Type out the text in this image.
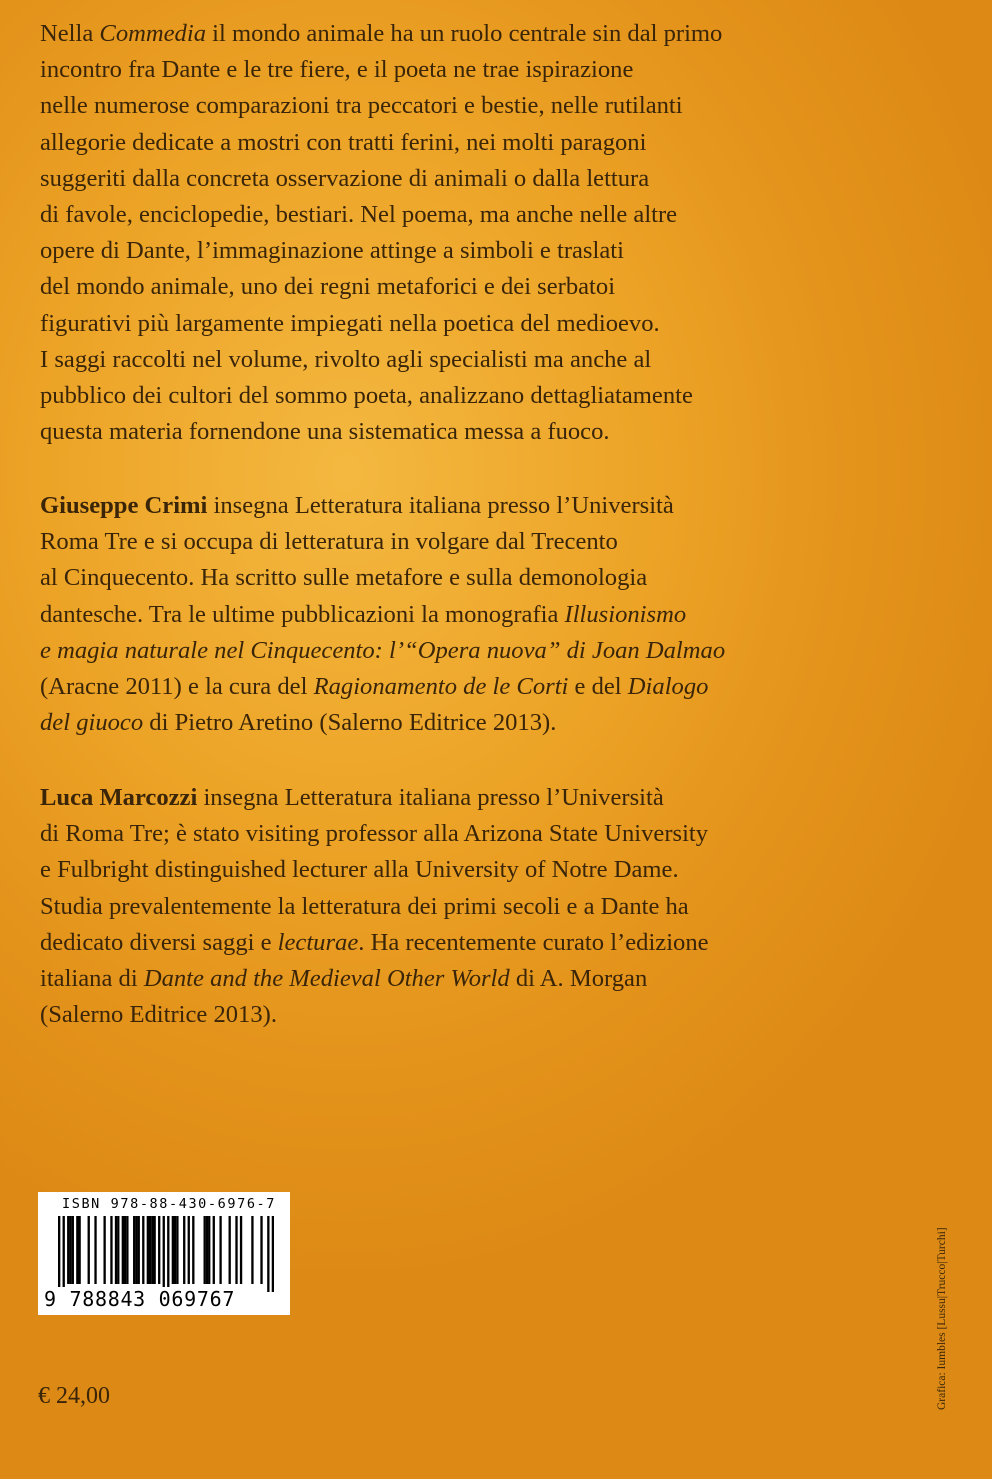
Nella Commedia il mondo animale ha un ruolo centrale sin dal primo
incontro fra Dante e le tre fiere, e il poeta ne trae ispirazione
nelle numerose comparazioni tra peccatori e bestie, nelle rutilanti
allegorie dedicate a mostri con tratti ferini, nei molti paragoni
suggeriti dalla concreta osservazione di animali o dalla lettura
di favole, enciclopedie, bestiari. Nel poema, ma anche nelle altre
opere di Dante, l’immaginazione attinge a simboli e traslati
del mondo animale, uno dei regni metaforici e dei serbatoi
figurativi più largamente impiegati nella poetica del medioevo.
I saggi raccolti nel volume, rivolto agli specialisti ma anche al
pubblico dei cultori del sommo poeta, analizzano dettagliatamente
questa materia fornendone una sistematica messa a fuoco.
Giuseppe Crimi insegna Letteratura italiana presso l’Università
Roma Tre e si occupa di letteratura in volgare dal Trecento
al Cinquecento. Ha scritto sulle metafore e sulla demonologia
dantesche. Tra le ultime pubblicazioni la monografia Illusionismo
e magia naturale nel Cinquecento: l’“Opera nuova” di Joan Dalmao
(Aracne 2011) e la cura del Ragionamento de le Corti e del Dialogo
del giuoco di Pietro Aretino (Salerno Editrice 2013).
Luca Marcozzi insegna Letteratura italiana presso l’Università
di Roma Tre; è stato visiting professor alla Arizona State University
e Fulbright distinguished lecturer alla University of Notre Dame.
Studia prevalentemente la letteratura dei primi secoli e a Dante ha
dedicato diversi saggi e lecturae. Ha recentemente curato l’edizione
italiana di Dante and the Medieval Other World di A. Morgan
(Salerno Editrice 2013).
ISBN 978-88-430-6976-7
9 788843 069767
€ 24,00	Grafica: Iumbles [Lussu|Trucco|Turchi]
